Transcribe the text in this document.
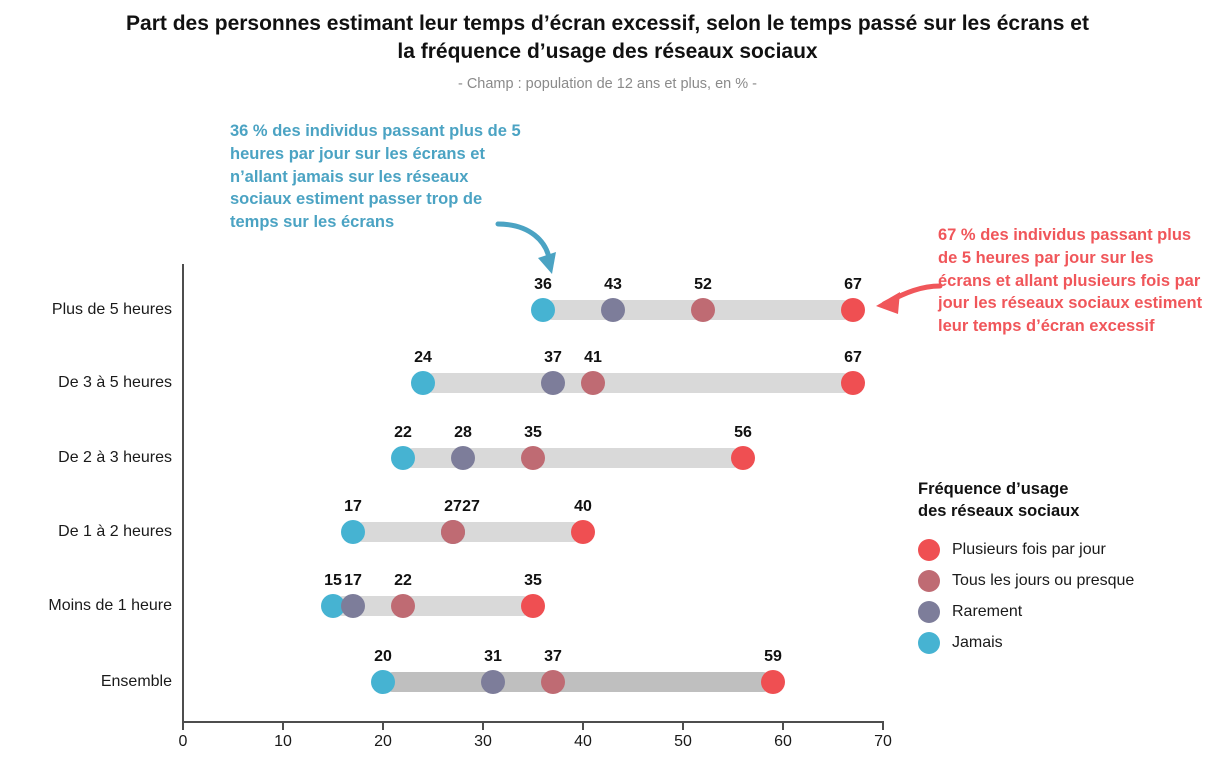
Part des personnes estimant leur temps d’écran excessif, selon le temps passé sur les écrans et la fréquence d’usage des réseaux sociaux
- Champ : population de 12 ans et plus, en % -
0	10	20	30	40	50	60	70
Plus de 5 heures
67
52
43
36
De 3 à 5 heures
67
41
37
24
De 2 à 3 heures
56
35
28
22
De 1 à 2 heures
40
27 27
17
Moins de 1 heure
35
22
17
15
Ensemble
59
37
31
20
36 % des individus passant plus de 5 heures par jour sur les écrans et n’allant jamais sur les réseaux sociaux estiment passer trop de temps sur les écrans
67 % des individus passant plus de 5 heures par jour sur les écrans et allant plusieurs fois par jour les réseaux sociaux estiment leur temps d’écran excessif
Fréquence d’usage
des réseaux sociaux
Plusieurs fois par jour
Tous les jours ou presque
Rarement
Jamais
